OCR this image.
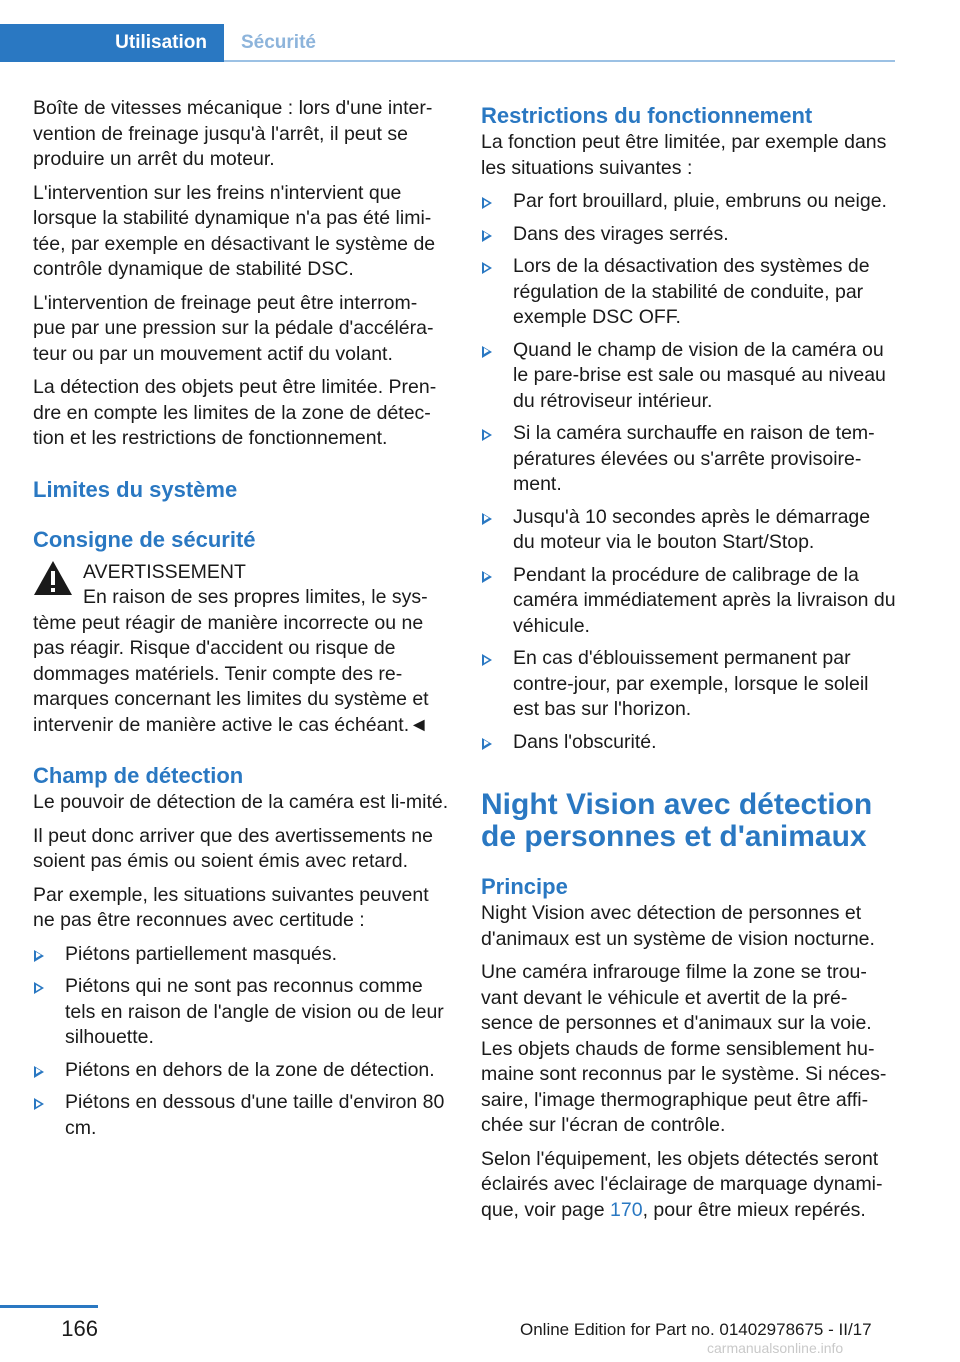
Utilisation	Sécurité

Boîte de vitesses mécanique : lors d'une inter-vention de freinage jusqu'à l'arrêt, il peut se produire un arrêt du moteur.

L'intervention sur les freins n'intervient que lorsque la stabilité dynamique n'a pas été limi-tée, par exemple en désactivant le système de contrôle dynamique de stabilité DSC.

L'intervention de freinage peut être interrom-pue par une pression sur la pédale d'accéléra-teur ou par un mouvement actif du volant.

La détection des objets peut être limitée. Pren-dre en compte les limites de la zone de détec-tion et les restrictions de fonctionnement.

Limites du système
Consigne de sécurité

AVERTISSEMENT

En raison de ses propres limites, le sys-

tème peut réagir de manière incorrecte ou ne pas réagir. Risque d'accident ou risque de dommages matériels. Tenir compte des re-marques concernant les limites du système et intervenir de manière active le cas échéant.◄

Champ de détection

Le pouvoir de détection de la caméra est li-mité.

Il peut donc arriver que des avertissements ne soient pas émis ou soient émis avec retard.

Par exemple, les situations suivantes peuvent ne pas être reconnues avec certitude :

Piétons partiellement masqués.
Piétons qui ne sont pas reconnus comme tels en raison de l'angle de vision ou de leur silhouette.
Piétons en dehors de la zone de détection.
Piétons en dessous d'une taille d'environ 80 cm.
Restrictions du fonctionnement

La fonction peut être limitée, par exemple dans les situations suivantes :

Par fort brouillard, pluie, embruns ou neige.
Dans des virages serrés.
Lors de la désactivation des systèmes de régulation de la stabilité de conduite, par exemple DSC OFF.
Quand le champ de vision de la caméra ou le pare-brise est sale ou masqué au niveau du rétroviseur intérieur.
Si la caméra surchauffe en raison de tem-pératures élevées ou s'arrête provisoire-ment.
Jusqu'à 10 secondes après le démarrage du moteur via le bouton Start/Stop.
Pendant la procédure de calibrage de la caméra immédiatement après la livraison du véhicule.
En cas d'éblouissement permanent par contre-jour, par exemple, lorsque le soleil est bas sur l'horizon.
Dans l'obscurité.
Night Vision avec détection de personnes et d'animaux
Principe

Night Vision avec détection de personnes et d'animaux est un système de vision nocturne.

Une caméra infrarouge filme la zone se trou-vant devant le véhicule et avertit de la pré-sence de personnes et d'animaux sur la voie. Les objets chauds de forme sensiblement hu-maine sont reconnus par le système. Si néces-saire, l'image thermographique peut être affi-chée sur l'écran de contrôle.

Selon l'équipement, les objets détectés seront éclairés avec l'éclairage de marquage dynami-que, voir page 170, pour être mieux repérés.

166	Online Edition for Part no. 01402978675 - II/17
carmanualsonline.info
